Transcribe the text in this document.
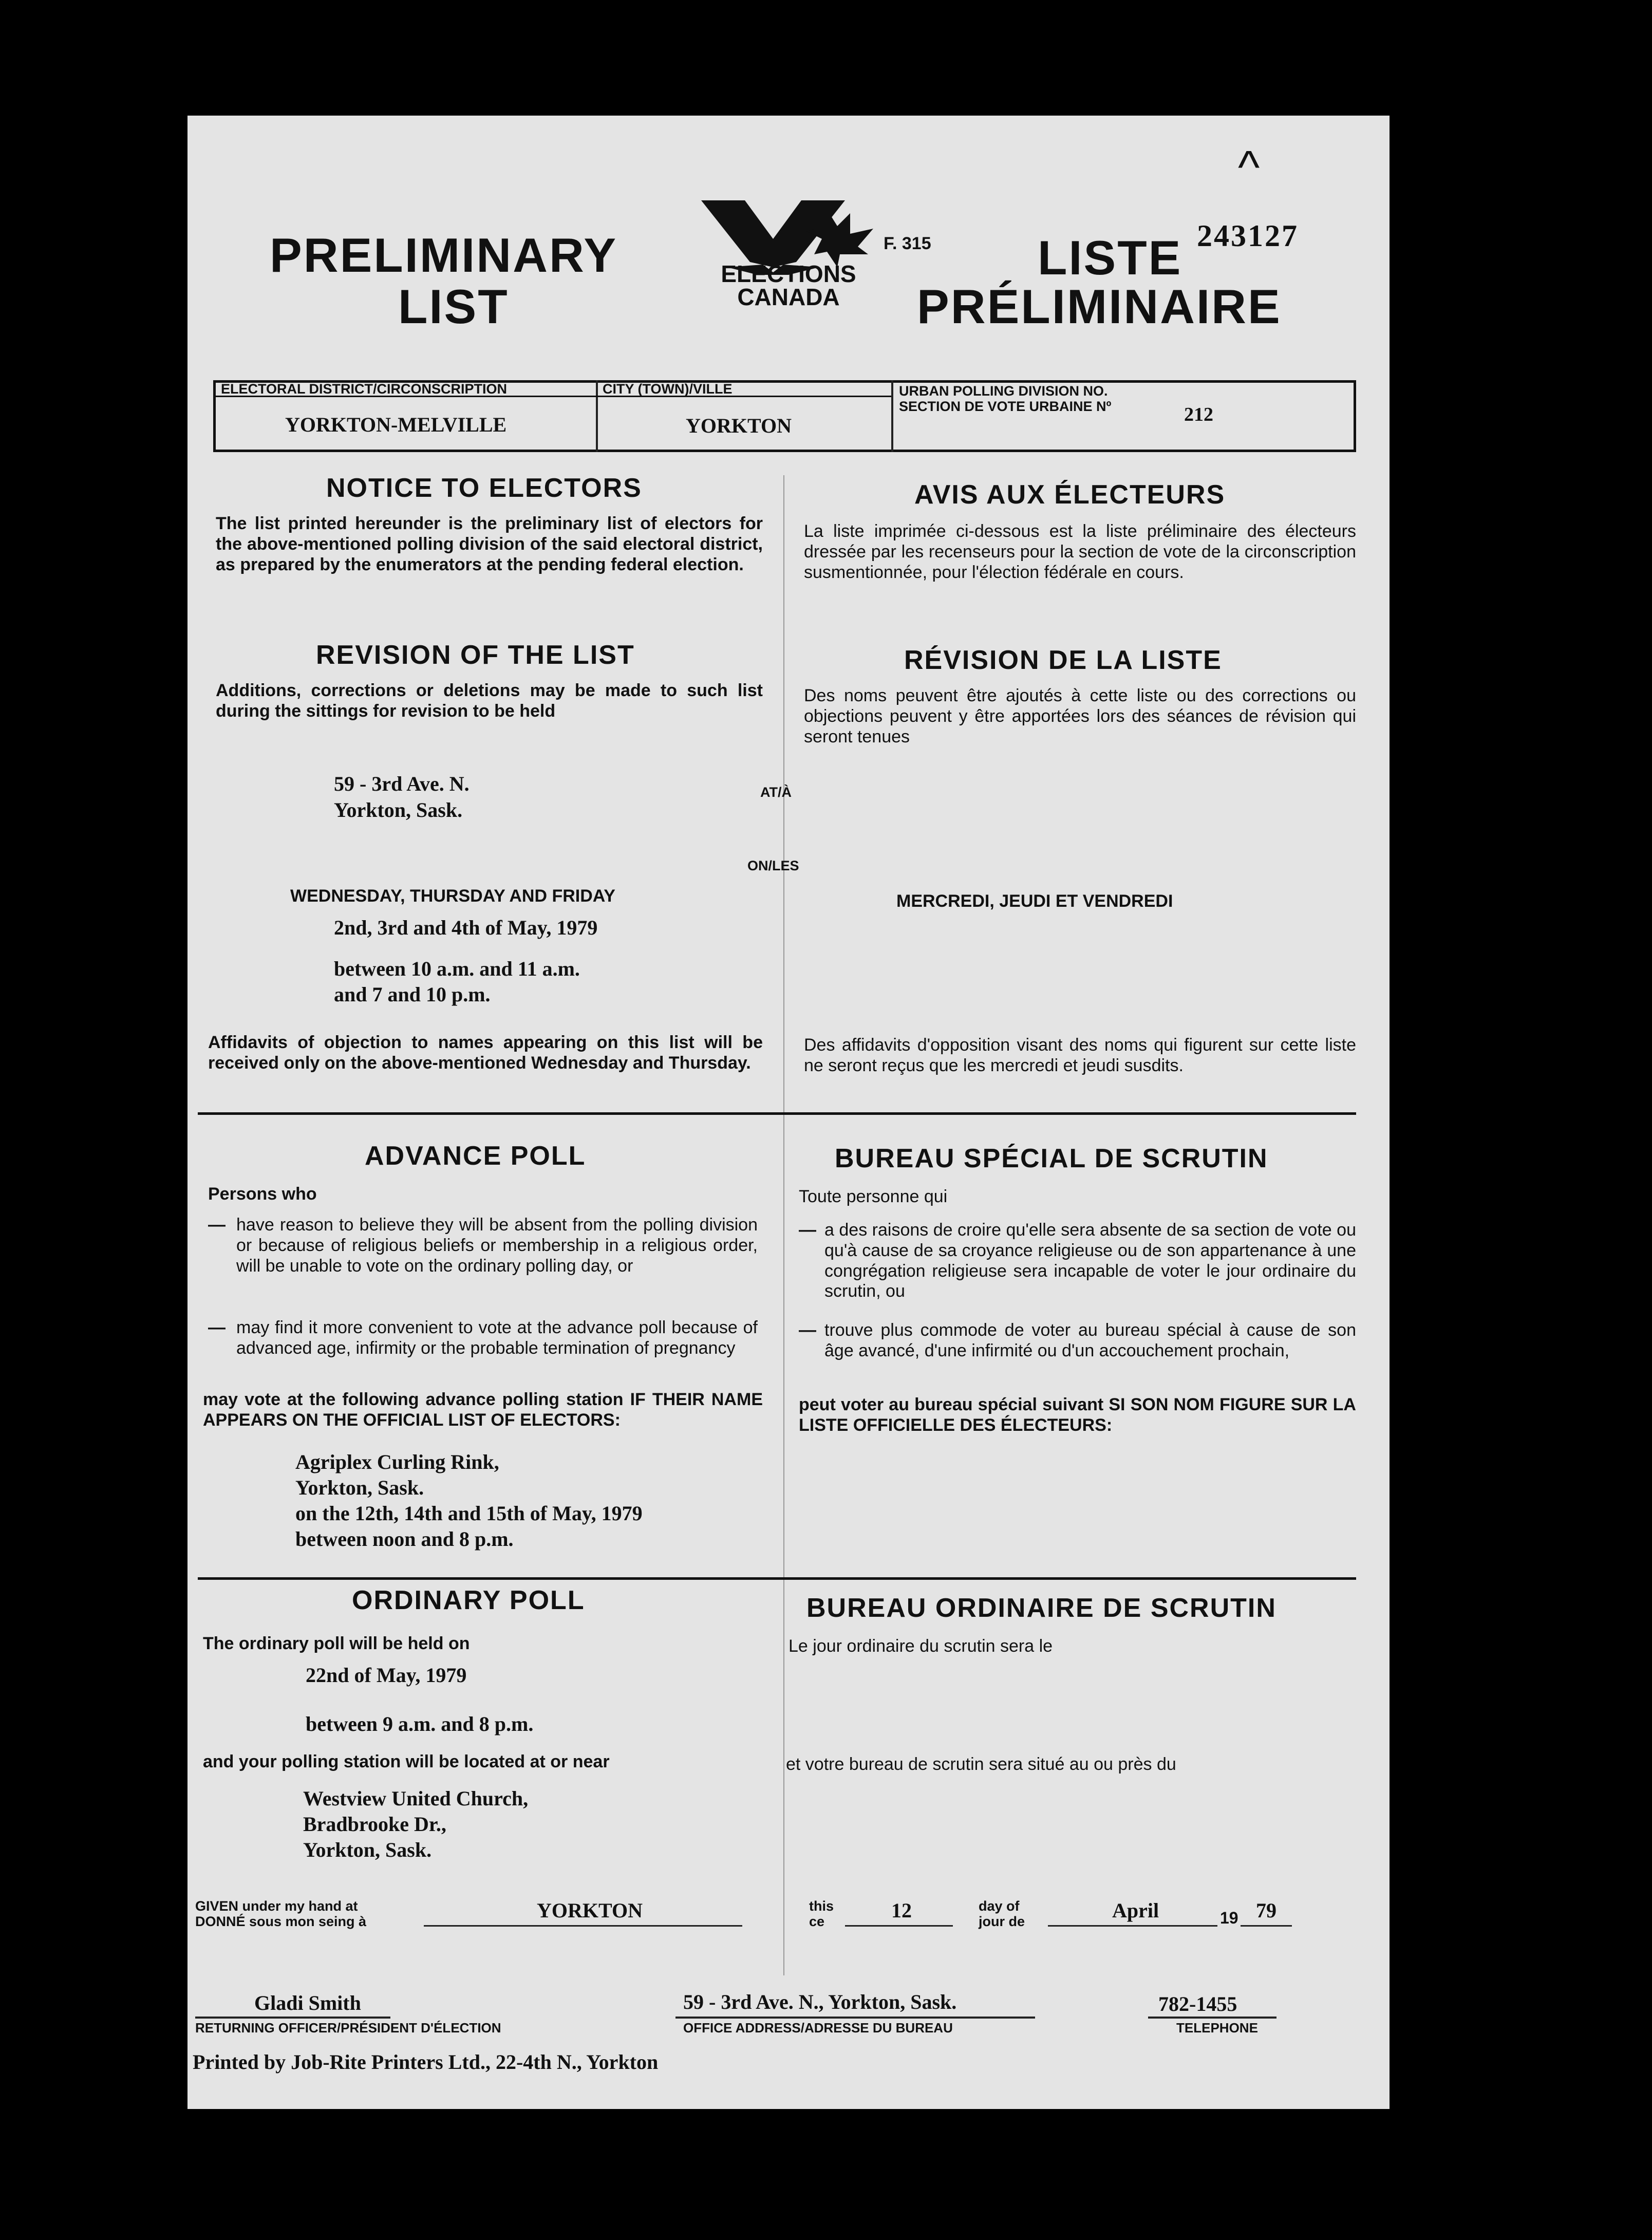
PRELIMINARY
LIST
ELECTIONS
CANADA
F. 315 LISTE
PRÉLIMINAIRE
243127
^
ELECTORAL DISTRICT/CIRCONSCRIPTION
YORKTON-MELVILLE
CITY (TOWN)/VILLE
YORKTON
URBAN POLLING DIVISION NO.
SECTION DE VOTE URBAINE Nº	212
NOTICE TO ELECTORS	AVIS AUX ÉLECTEURS
The list printed hereunder is the preliminary list of electors for the above-mentioned polling division of the said electoral district, as prepared by the enumerators at the pending federal election.
La liste imprimée ci-dessous est la liste préliminaire des électeurs dressée par les recenseurs pour la section de vote de la circonscription susmentionnée, pour l'élection fédérale en cours.
REVISION OF THE LIST	RÉVISION DE LA LISTE
Additions, corrections or deletions may be made to such list during the sittings for revision to be held
Des noms peuvent être ajoutés à cette liste ou des corrections ou objections peuvent y être apportées lors des séances de révision qui seront tenues
59 - 3rd Ave. N.
Yorkton, Sask.
AT/À
ON/LES
WEDNESDAY, THURSDAY AND FRIDAY	MERCREDI, JEUDI ET VENDREDI
2nd, 3rd and 4th of May, 1979
between 10 a.m. and 11 a.m.
and 7 and 10 p.m.
Affidavits of objection to names appearing on this list will be received only on the above-mentioned Wednesday and Thursday.
Des affidavits d'opposition visant des noms qui figurent sur cette liste ne seront reçus que les mercredi et jeudi susdits.
ADVANCE POLL	BUREAU SPÉCIAL DE SCRUTIN
Persons who	Toute personne qui
— have reason to believe they will be absent from the polling division or because of religious beliefs or membership in a religious order, will be unable to vote on the ordinary polling day, or
— may find it more convenient to vote at the advance poll because of advanced age, infirmity or the probable termination of pregnancy
— a des raisons de croire qu'elle sera absente de sa section de vote ou qu'à cause de sa croyance religieuse ou de son appartenance à une congrégation religieuse sera incapable de voter le jour ordinaire du scrutin, ou
— trouve plus commode de voter au bureau spécial à cause de son âge avancé, d'une infirmité ou d'un accouchement prochain,
may vote at the following advance polling station IF THEIR NAME APPEARS ON THE OFFICIAL LIST OF ELECTORS:
peut voter au bureau spécial suivant SI SON NOM FIGURE SUR LA LISTE OFFICIELLE DES ÉLECTEURS:
Agriplex Curling Rink,
Yorkton, Sask.
on the 12th, 14th and 15th of May, 1979
between noon and 8 p.m.
ORDINARY POLL	BUREAU ORDINAIRE DE SCRUTIN
The ordinary poll will be held on	Le jour ordinaire du scrutin sera le
22nd of May, 1979
between 9 a.m. and 8 p.m.
and your polling station will be located at or near	et votre bureau de scrutin sera situé au ou près du
Westview United Church,
Bradbrooke Dr.,
Yorkton, Sask.
GIVEN under my hand at
DONNÉ sous mon seing à	YORKTON	this
ce	12	day of
jour de	April	19 79
Gladi Smith
RETURNING OFFICER/PRÉSIDENT D'ÉLECTION
59 - 3rd Ave. N., Yorkton, Sask.
OFFICE ADDRESS/ADRESSE DU BUREAU
782-1455
TELEPHONE
Printed by Job-Rite Printers Ltd., 22-4th N., Yorkton
